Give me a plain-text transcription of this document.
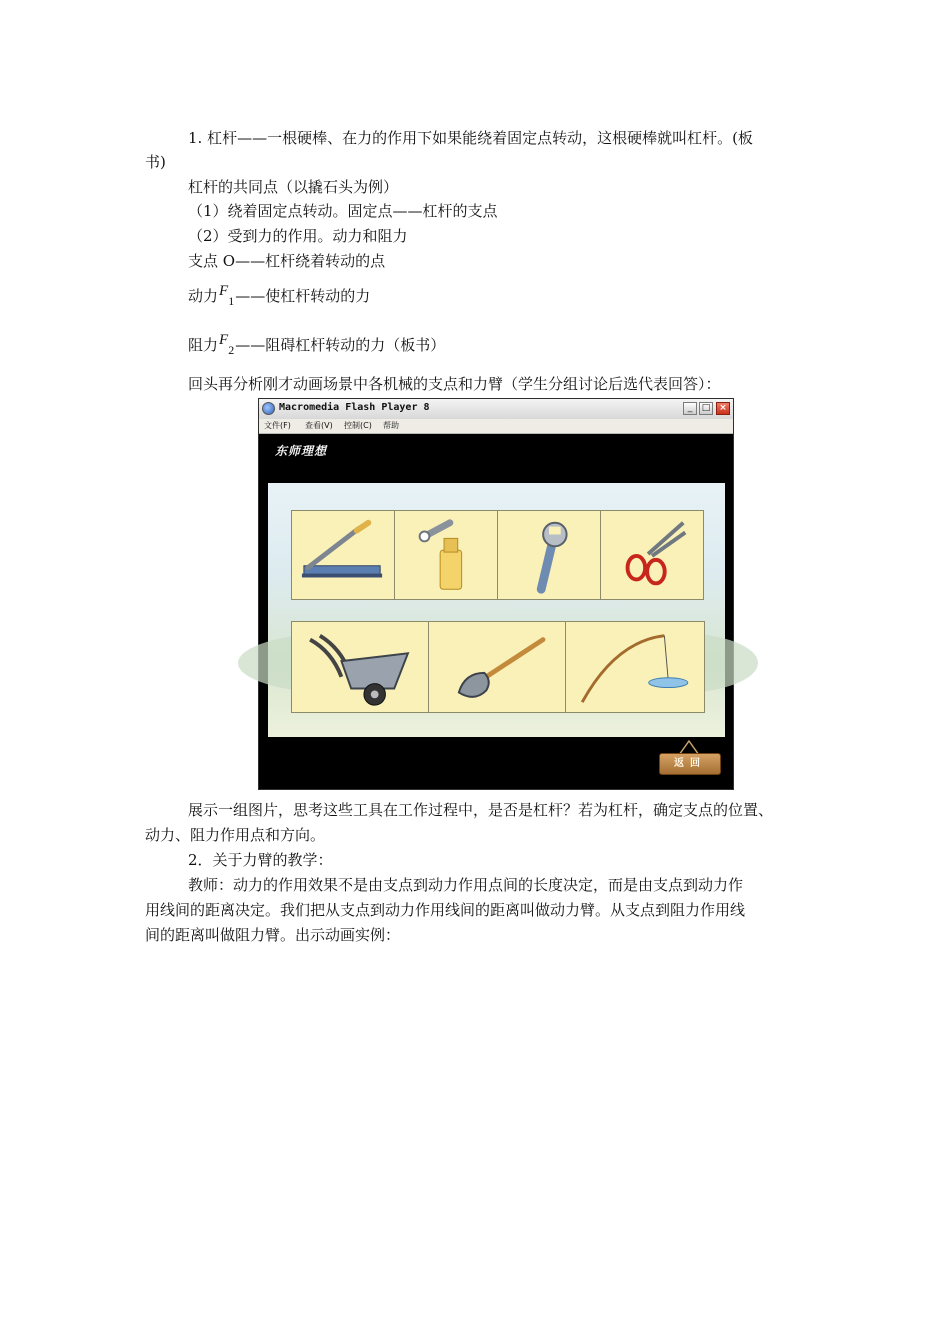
1. 杠杆——一根硬棒、在力的作用下如果能绕着固定点转动，这根硬棒就叫杠杆。(板
书)
杠杆的共同点（以撬石头为例）
（1）绕着固定点转动。固定点——杠杆的支点
（2）受到力的作用。动力和阻力
支点 O——杠杆绕着转动的点
动力$F_1——$使杠杆转动的力
阻力$F_2——$阻碍杠杆转动的力（板书）
回头再分析刚才动画场景中各机械的支点和力臂（学生分组讨论后选代表回答）：
Macromedia Flash Player 8	_	□ ×
文件(F) 查看(V) 控制(C) 帮助
东师理想
返回
展示一组图片，思考这些工具在工作过程中，是否是杠杆？若为杠杆，确定支点的位置、
动力、阻力作用点和方向。
2．关于力臂的教学：
教师：动力的作用效果不是由支点到动力作用点间的长度决定，而是由支点到动力作
用线间的距离决定。我们把从支点到动力作用线间的距离叫做动力臂。从支点到阻力作用线
间的距离叫做阻力臂。出示动画实例：
